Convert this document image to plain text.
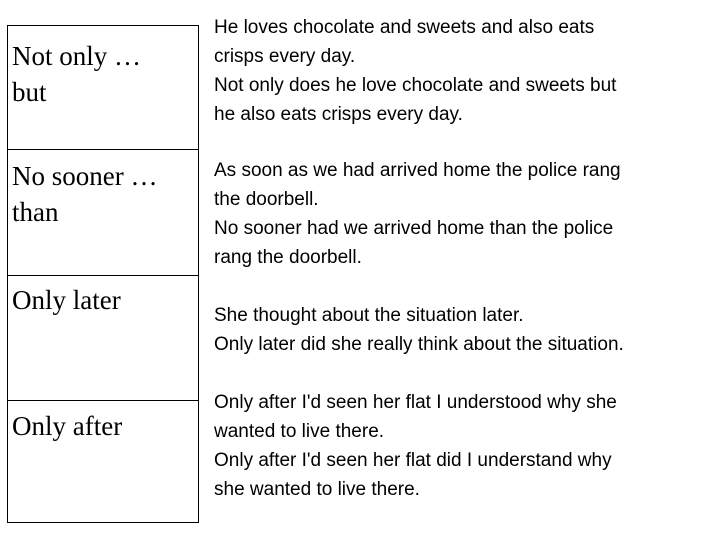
Not only …
but
No sooner …
than
Only later
Only after

He loves chocolate and sweets and also eats
crisps every day.
Not only does he love chocolate and sweets but
he also eats crisps every day.

As soon as we had arrived home the police rang
the doorbell.
No sooner had we arrived home than the police
rang the doorbell.

She thought about the situation later.
Only later did she really think about the situation.

Only after I'd seen her flat I understood why she
wanted to live there.
Only after I'd seen her flat did I understand why
she wanted to live there.
